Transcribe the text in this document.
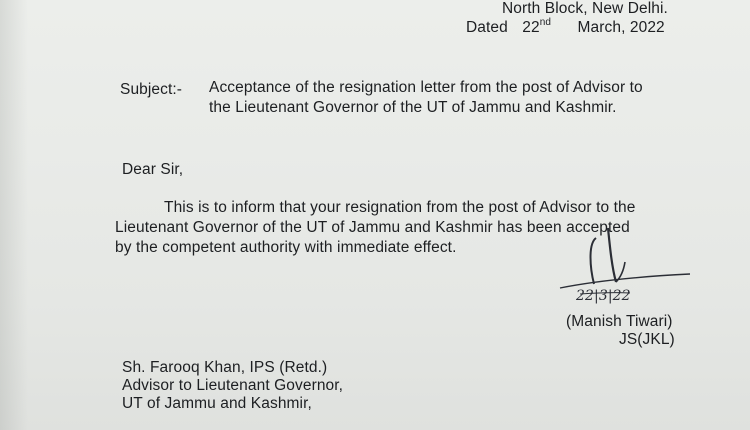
North Block, New Delhi.
Dated 22nd March, 2022
Subject:- Acceptance of the resignation letter from the post of Advisor to
the Lieutenant Governor of the UT of Jammu and Kashmir.
Dear Sir,
This is to inform that your resignation from the post of Advisor to the
Lieutenant Governor of the UT of Jammu and Kashmir has been accepted
by the competent authority with immediate effect.
22|3|22
(Manish Tiwari)
JS(JKL)
Sh. Farooq Khan, IPS (Retd.)
Advisor to Lieutenant Governor,
UT of Jammu and Kashmir,
